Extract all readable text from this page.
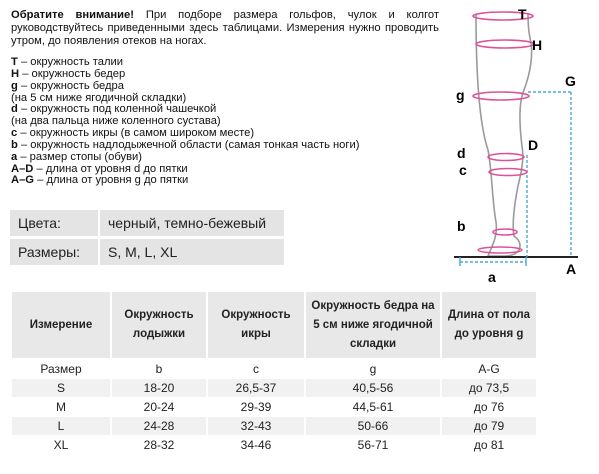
Обратите внимание! При подборе размера гольфов, чулок и колгот руководствуйтесь приведенными здесь таблицами. Измерения нужно проводить утром, до появления отеков на ногах.
T – окружность талии
H – окружность бедер
g – окружность бедра
(на 5 см ниже ягодичной складки)
d – окружность под коленной чашечкой
(на два пальца ниже коленного сустава)
c – окружность икры (в самом широком месте)
b – окружность надлодыжечной области (самая тонкая часть ноги)
a – размер стопы (обуви)
A–D – длина от уровня d до пятки
A–G – длина от уровня g до пятки
Цвета:	черный, темно-бежевый
Размеры:	S, M, L, XL
T
H
G
g
D
d
c
b
a	A
Измерение	Окружность лодыжки	Окружность икры	Окружность бедра на 5 см ниже ягодичной складки	Длина от пола до уровня g
Размер	b	c	g	A-G
S	18-20	26,5-37	40,5-56	до 73,5
M	20-24	29-39	44,5-61	до 76
L	24-28	32-43	50-66	до 79
XL	28-32	34-46	56-71	до 81
